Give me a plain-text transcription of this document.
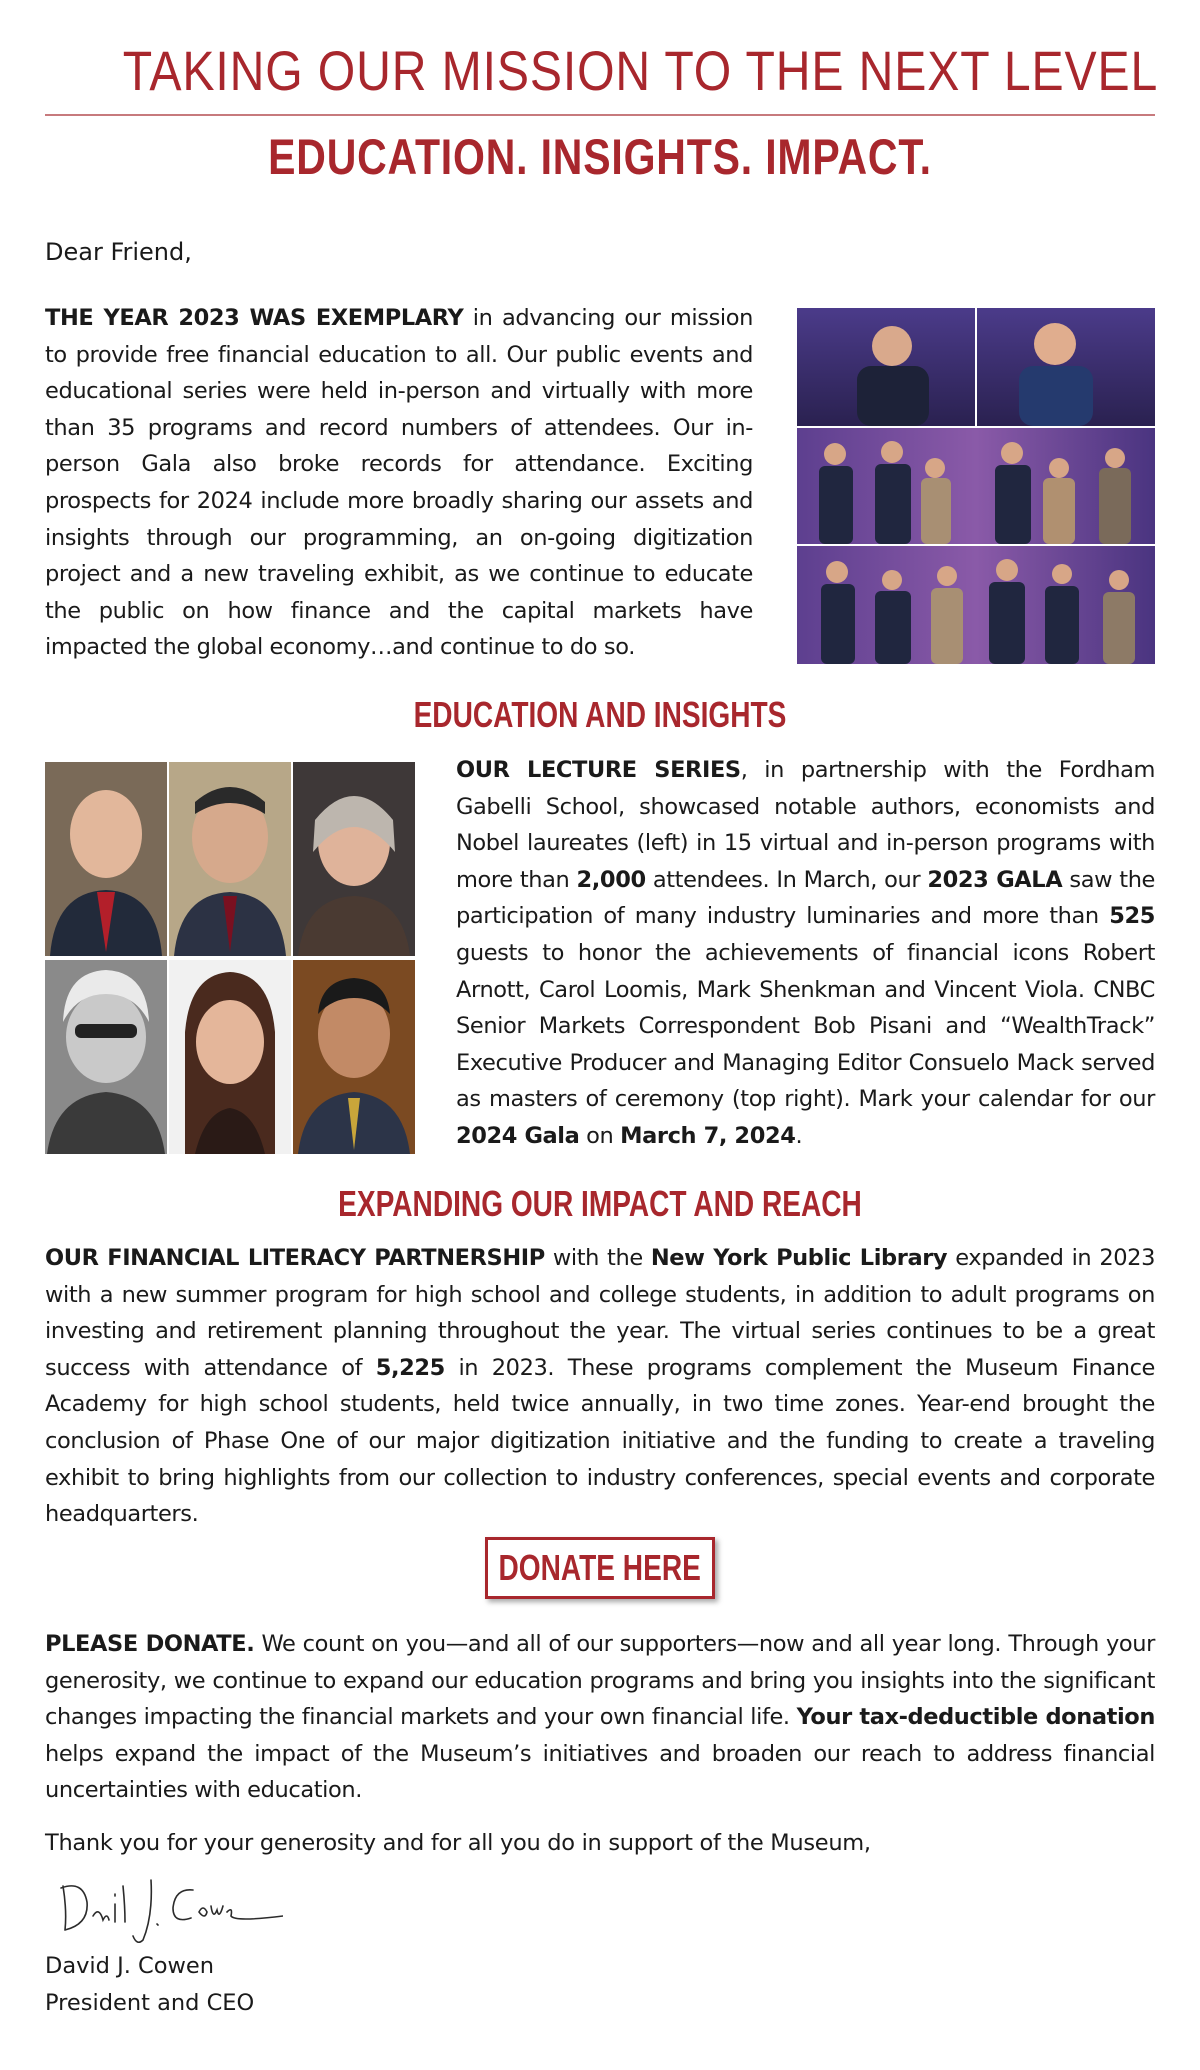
TAKING OUR MISSION TO THE NEXT LEVEL
EDUCATION. INSIGHTS. IMPACT.
Dear Friend,
THE YEAR 2023 WAS EXEMPLARY in advancing our mission to provide free financial education to all. Our public events and educational series were held in-person and virtually with more than 35 programs and record numbers of attendees. Our in-person Gala also broke records for attendance. Exciting prospects for 2024 include more broadly sharing our assets and insights through our programming, an on-going digitization project and a new traveling exhibit, as we continue to educate the public on how finance and the capital markets have impacted the global economy…and continue to do so.
EDUCATION AND INSIGHTS
OUR LECTURE SERIES, in partnership with the Fordham Gabelli School, showcased notable authors, economists and Nobel laureates (left) in 15 virtual and in-person programs with more than 2,000 attendees. In March, our 2023 GALA saw the participation of many industry luminaries and more than 525 guests to honor the achievements of financial icons Robert Arnott, Carol Loomis, Mark Shenkman and Vincent Viola. CNBC Senior Markets Correspondent Bob Pisani and “WealthTrack” Executive Producer and Managing Editor Consuelo Mack served as masters of ceremony (top right). Mark your calendar for our 2024 Gala on March 7, 2024.
EXPANDING OUR IMPACT AND REACH
OUR FINANCIAL LITERACY PARTNERSHIP with the New York Public Library expanded in 2023 with a new summer program for high school and college students, in addition to adult programs on investing and retirement planning throughout the year. The virtual series continues to be a great success with attendance of 5,225 in 2023. These programs complement the Museum Finance Academy for high school students, held twice annually, in two time zones. Year-end brought the conclusion of Phase One of our major digitization initiative and the funding to create a traveling exhibit to bring highlights from our collection to industry conferences, special events and corporate headquarters.
DONATE HERE
PLEASE DONATE. We count on you—and all of our supporters—now and all year long. Through your generosity, we continue to expand our education programs and bring you insights into the significant changes impacting the financial markets and your own financial life. Your tax-deductible donation helps expand the impact of the Museum’s initiatives and broaden our reach to address financial uncertainties with education.
Thank you for your generosity and for all you do in support of the Museum,
David J. Cowen
President and CEO
